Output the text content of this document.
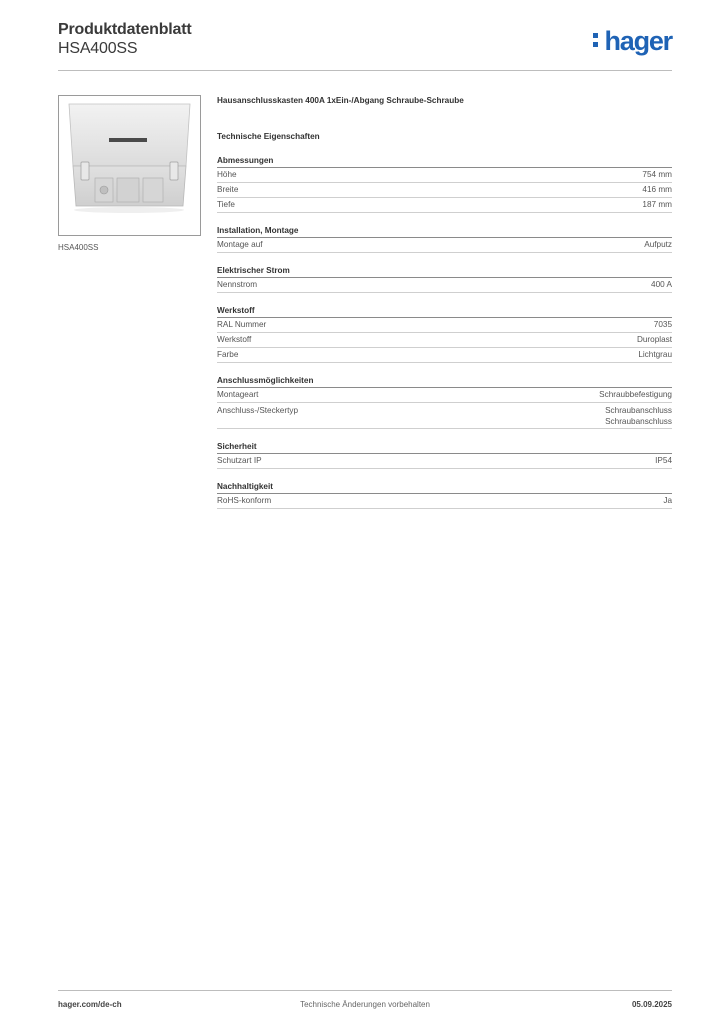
Produktdatenblatt
HSA400SS	hager
HSA400SS
Hausanschlusskasten 400A 1xEin-/Abgang Schraube-Schraube
Technische Eigenschaften
Abmessungen
Höhe	754 mm
Breite	416 mm
Tiefe	187 mm
Installation, Montage
Montage auf	Aufputz
Elektrischer Strom
Nennstrom	400 A
Werkstoff
RAL Nummer	7035
Werkstoff	Duroplast
Farbe	Lichtgrau
Anschlussmöglichkeiten
Montageart	Schraubbefestigung
Anschluss-/Steckertyp	Schraubanschluss
Schraubanschluss
Sicherheit
Schutzart IP	IP54
Nachhaltigkeit
RoHS-konform	Ja
hager.com/de-ch	Technische Änderungen vorbehalten	05.09.2025
